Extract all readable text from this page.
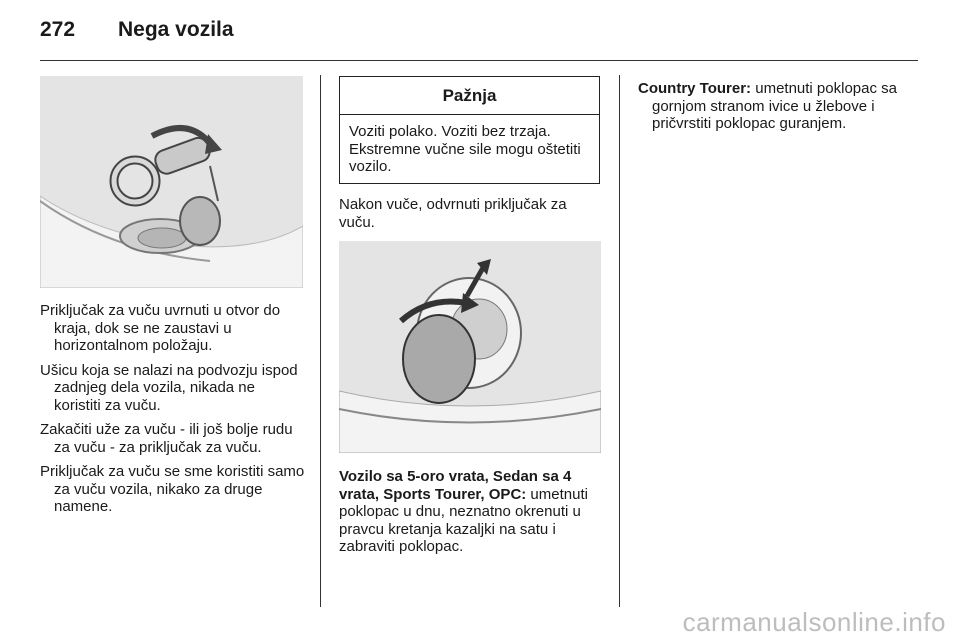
272	Nega vozila

Priključak za vuču uvrnuti u otvor do kraja, dok se ne zaustavi u horizontalnom položaju.

Ušicu koja se nalazi na podvozju ispod zadnjeg dela vozila, nikada ne koristiti za vuču.

Zakačiti uže za vuču - ili još bolje rudu za vuču - za priključak za vuču.

Priključak za vuču se sme koristiti samo za vuču vozila, nikako za druge namene.

Pažnja
Voziti polako. Voziti bez trzaja. Ekstremne vučne sile mogu oštetiti vozilo.

Nakon vuče, odvrnuti priključak za vuču.

Vozilo sa 5-oro vrata, Sedan sa 4 vrata, Sports Tourer, OPC: umetnuti poklopac u dnu, neznatno okrenuti u pravcu kretanja kazaljki na satu i zabraviti poklopac.

Country Tourer: umetnuti poklopac sa gornjom stranom ivice u žlebove i pričvrstiti poklopac guranjem.

carmanualsonline.info
